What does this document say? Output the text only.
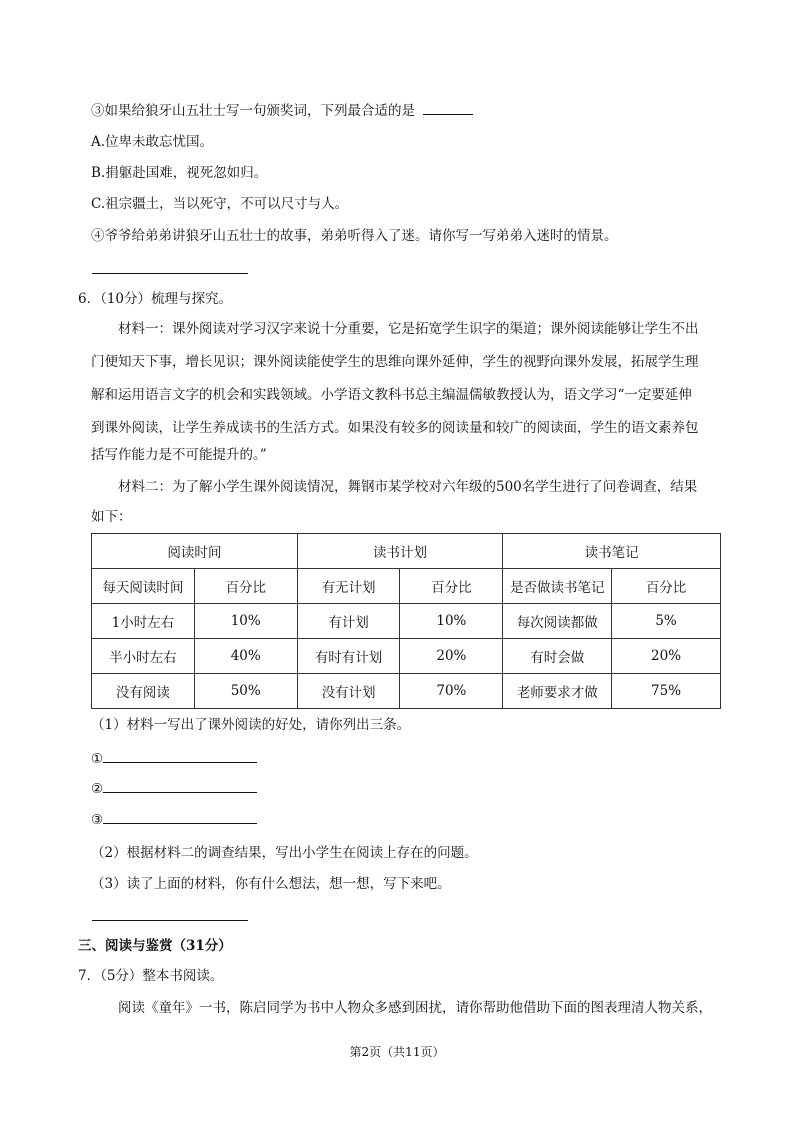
③如果给狼牙山五壮士写一句颁奖词，下列最合适的是
A.位卑未敢忘忧国。
B.捐躯赴国难，视死忽如归。
C.祖宗疆土，当以死守，不可以尺寸与人。
④爷爷给弟弟讲狼牙山五壮士的故事，弟弟听得入了迷。请你写一写弟弟入迷时的情景。
6．（10分）梳理与探究。
材料一：课外阅读对学习汉字来说十分重要，它是拓宽学生识字的渠道；课外阅读能够让学生不出
门便知天下事，增长见识；课外阅读能使学生的思维向课外延伸，学生的视野向课外发展，拓展学生理
解和运用语言文字的机会和实践领域。小学语文教科书总主编温儒敏教授认为，语文学习“一定要延伸
到课外阅读，让学生养成读书的生活方式。如果没有较多的阅读量和较广的阅读面，学生的语文素养包
括写作能力是不可能提升的。”
材料二：为了解小学生课外阅读情况，舞钢市某学校对六年级的500名学生进行了问卷调查，结果
如下：
阅读时间		读书计划		读书笔记	
每天阅读时间	百分比	有无计划	百分比	是否做读书笔记	百分比
1小时左右	10%	有计划	10%	每次阅读都做	5%
半小时左右	40%	有时有计划	20%	有时会做	20%
没有阅读	50%	没有计划	70%	老师要求才做	75%
（1）材料一写出了课外阅读的好处，请你列出三条。
①
②
③
（2）根据材料二的调查结果，写出小学生在阅读上存在的问题。
（3）读了上面的材料，你有什么想法，想一想，写下来吧。
三、阅读与鉴赏（31分）
7．（5分）整本书阅读。
阅读《童年》一书，陈启同学为书中人物众多感到困扰，请你帮助他借助下面的图表理清人物关系，
第2页（共11页）
